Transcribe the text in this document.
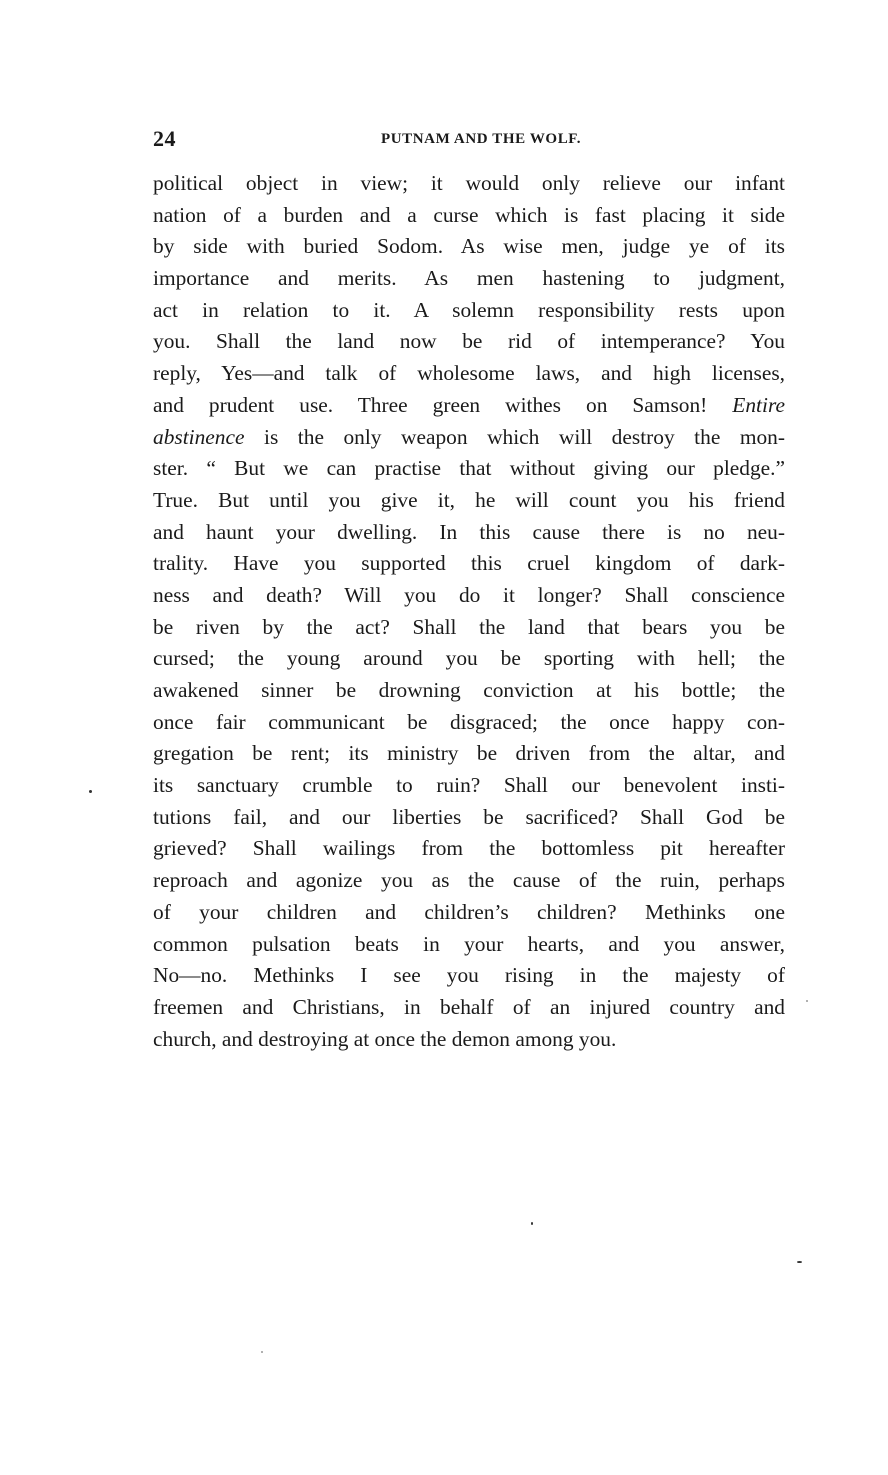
24	PUTNAM AND THE WOLF.
political object in view; it would only relieve our infant
nation of a burden and a curse which is fast placing it side
by side with buried Sodom. As wise men, judge ye of its
importance and merits. As men hastening to judgment,
act in relation to it. A solemn responsibility rests upon
you. Shall the land now be rid of intemperance? You
reply, Yes—and talk of wholesome laws, and high licenses,
and prudent use. Three green withes on Samson! Entire
abstinence is the only weapon which will destroy the mon-
ster. “ But we can practise that without giving our pledge.”
True. But until you give it, he will count you his friend
and haunt your dwelling. In this cause there is no neu-
trality. Have you supported this cruel kingdom of dark-
ness and death? Will you do it longer? Shall conscience
be riven by the act? Shall the land that bears you be
cursed; the young around you be sporting with hell; the
awakened sinner be drowning conviction at his bottle; the
once fair communicant be disgraced; the once happy con-
gregation be rent; its ministry be driven from the altar, and
its sanctuary crumble to ruin? Shall our benevolent insti-
tutions fail, and our liberties be sacrificed? Shall God be
grieved? Shall wailings from the bottomless pit hereafter
reproach and agonize you as the cause of the ruin, perhaps
of your children and children’s children? Methinks one
common pulsation beats in your hearts, and you answer,
No—no. Methinks I see you rising in the majesty of
freemen and Christians, in behalf of an injured country and
church, and destroying at once the demon among you.
